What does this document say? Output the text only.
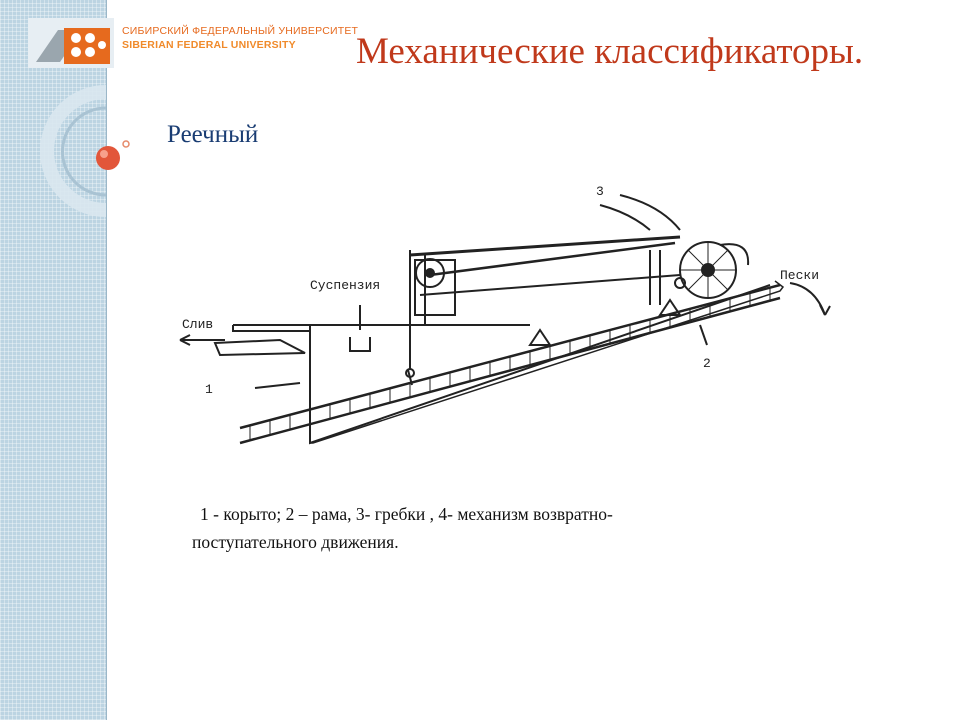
СИБИРСКИЙ ФЕДЕРАЛЬНЫЙ УНИВЕРСИТЕТ
SIBERIAN FEDERAL UNIVERSITY	Механические классификаторы.
Реечный
Суспензия
Слив
Пески
1
2
3
1 - корыто; 2 – рама, 3- гребки , 4- механизм возвратно-
поступательного движения.
